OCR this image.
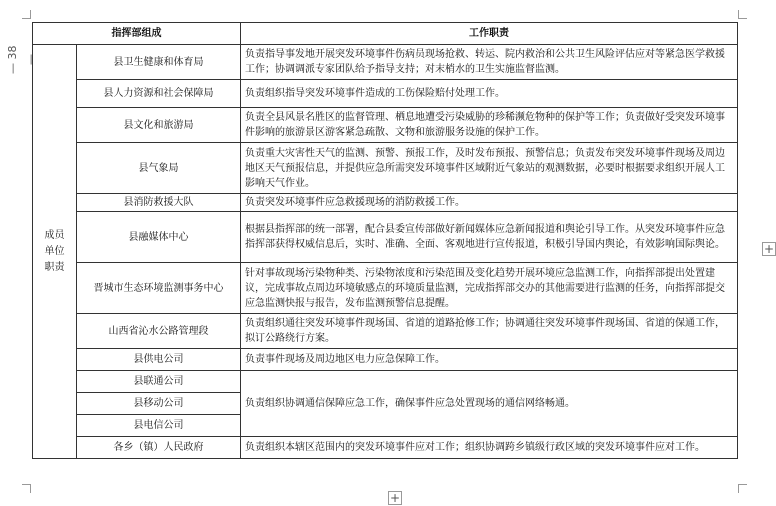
— 38 —
指挥部组成		工作职责

成员
单位
职责	县卫生健康和体育局	负责指导事发地开展突发环境事件伤病员现场抢救、转运、院内救治和公共卫生风险评估应对等紧急医学救援工作；协调调派专家团队给予指导支持；对末梢水的卫生实施监督监测。
	县人力资源和社会保障局	负责组织指导突发环境事件造成的工伤保险赔付处理工作。
	县文化和旅游局	负责全县风景名胜区的监督管理、栖息地遭受污染威胁的珍稀濒危物种的保护等工作；负责做好受突发环境事件影响的旅游景区游客紧急疏散、文物和旅游服务设施的保护工作。
	县气象局	负责重大灾害性天气的监测、预警、预报工作，及时发布预报、预警信息；负责发布突发环境事件现场及周边地区天气预报信息，并提供应急所需突发环境事件区域附近气象站的观测数据，必要时根据要求组织开展人工影响天气作业。
	县消防救援大队	负责突发环境事件应急救援现场的消防救援工作。
	县融媒体中心	根据县指挥部的统一部署，配合县委宣传部做好新闻媒体应急新闻报道和舆论引导工作。从突发环境事件应急指挥部获得权威信息后，实时、准确、全面、客观地进行宣传报道，积极引导国内舆论，有效影响国际舆论。
	晋城市生态环境监测事务中心	针对事故现场污染物种类、污染物浓度和污染范围及变化趋势开展环境应急监测工作，向指挥部提出处置建议，完成事故点周边环境敏感点的环境质量监测，完成指挥部交办的其他需要进行监测的任务，向指挥部提交应急监测快报与报告，发布监测预警信息提醒。
	山西省沁水公路管理段	负责组织通往突发环境事件现场国、省道的道路抢修工作；协调通往突发环境事件现场国、省道的保通工作，拟订公路绕行方案。
	县供电公司	负责事件现场及周边地区电力应急保障工作。
	县联通公司	负责组织协调通信保障应急工作，确保事件应急处置现场的通信网络畅通。
	县移动公司	
	县电信公司	
	各乡（镇）人民政府	负责组织本辖区范围内的突发环境事件应对工作；组织协调跨乡镇级行政区域的突发环境事件应对工作。
+
+
